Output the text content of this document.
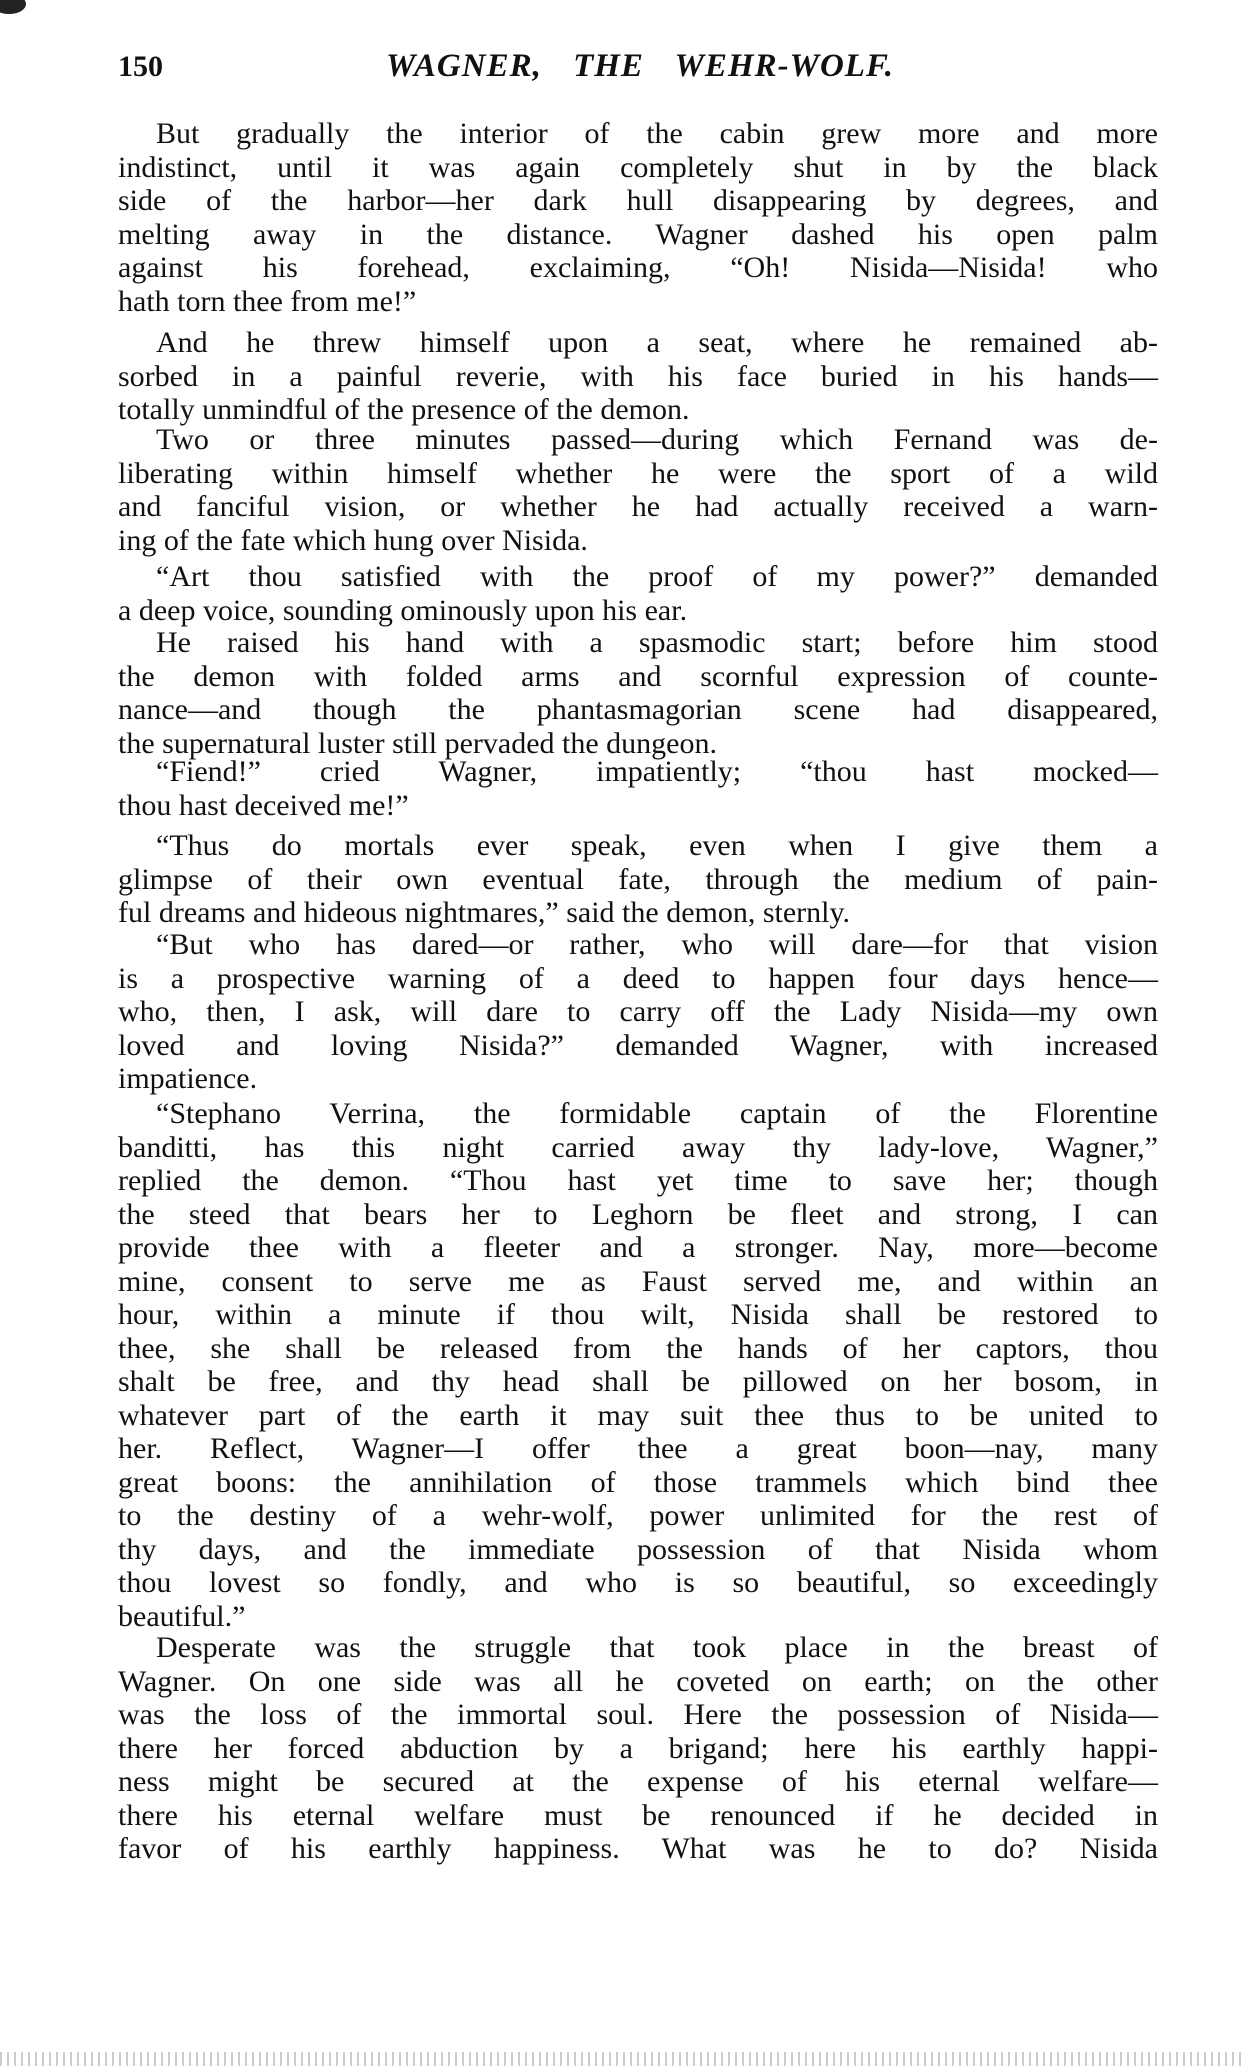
150	WAGNER, THE WEHR-WOLF.
But gradually the interior of the cabin grew more and more
indistinct, until it was again completely shut in by the black
side of the harbor—her dark hull disappearing by degrees, and
melting away in the distance. Wagner dashed his open palm
against his forehead, exclaiming, “Oh! Nisida—Nisida! who
hath torn thee from me!”
And he threw himself upon a seat, where he remained ab-
sorbed in a painful reverie, with his face buried in his hands—
totally unmindful of the presence of the demon.
Two or three minutes passed—during which Fernand was de-
liberating within himself whether he were the sport of a wild
and fanciful vision, or whether he had actually received a warn-
ing of the fate which hung over Nisida.
“Art thou satisfied with the proof of my power?” demanded
a deep voice, sounding ominously upon his ear.
He raised his hand with a spasmodic start; before him stood
the demon with folded arms and scornful expression of counte-
nance—and though the phantasmagorian scene had disappeared,
the supernatural luster still pervaded the dungeon.
“Fiend!” cried Wagner, impatiently; “thou hast mocked—
thou hast deceived me!”
“Thus do mortals ever speak, even when I give them a
glimpse of their own eventual fate, through the medium of pain-
ful dreams and hideous nightmares,” said the demon, sternly.
“But who has dared—or rather, who will dare—for that vision
is a prospective warning of a deed to happen four days hence—
who, then, I ask, will dare to carry off the Lady Nisida—my own
loved and loving Nisida?” demanded Wagner, with increased
impatience.
“Stephano Verrina, the formidable captain of the Florentine
banditti, has this night carried away thy lady-love, Wagner,”
replied the demon. “Thou hast yet time to save her; though
the steed that bears her to Leghorn be fleet and strong, I can
provide thee with a fleeter and a stronger. Nay, more—become
mine, consent to serve me as Faust served me, and within an
hour, within a minute if thou wilt, Nisida shall be restored to
thee, she shall be released from the hands of her captors, thou
shalt be free, and thy head shall be pillowed on her bosom, in
whatever part of the earth it may suit thee thus to be united to
her. Reflect, Wagner—I offer thee a great boon—nay, many
great boons: the annihilation of those trammels which bind thee
to the destiny of a wehr-wolf, power unlimited for the rest of
thy days, and the immediate possession of that Nisida whom
thou lovest so fondly, and who is so beautiful, so exceedingly
beautiful.”
Desperate was the struggle that took place in the breast of
Wagner. On one side was all he coveted on earth; on the other
was the loss of the immortal soul. Here the possession of Nisida—
there her forced abduction by a brigand; here his earthly happi-
ness might be secured at the expense of his eternal welfare—
there his eternal welfare must be renounced if he decided in
favor of his earthly happiness. What was he to do? Nisida
